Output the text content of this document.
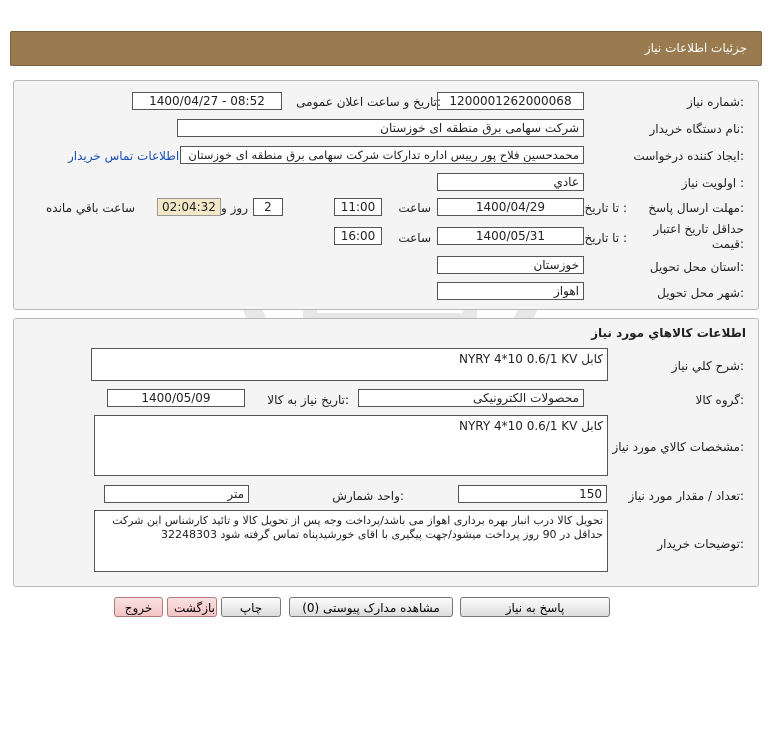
جزئیات اطلاعات نیاز
شماره نیاز:
1200001262000068
تاریخ و ساعت اعلان عمومی:
1400/04/27 - 08:52
نام دستگاه خریدار:
شرکت سهامی برق منطقه ای خوزستان
ایجاد کننده درخواست:
محمدحسین فلاح پور رییس اداره تدارکات شرکت سهامی برق منطقه ای خوزستان
اطلاعات تماس خریدار
اولویت نیاز :
عادي
مهلت ارسال پاسخ:
تا تاریخ :
1400/04/29
ساعت
11:00
2
روز و
02:04:32
ساعت باقي مانده
حداقل تاریخ اعتبار
قیمت:
تا تاریخ :
1400/05/31
ساعت
16:00
استان محل تحویل:
خوزستان
شهر محل تحویل:
اهواز
اطلاعات کالاهاي مورد نياز
شرح کلي نياز:
کابل NYRY 4*10 0.6/1 KV
گروه کالا:
محصولات الکترونیکی
تاریخ نیاز به کالا:
1400/05/09
مشخصات کالاي مورد نياز:
کابل NYRY 4*10 0.6/1 KV
تعداد / مقدار مورد نیاز:
150
واحد شمارش:
متر
توضیحات خریدار:
تحویل کالا درب انبار بهره برداری اهواز می باشد/پرداخت وجه پس از تحویل کالا و تائید کارشناس این شرکت حداقل در 90 روز پرداخت میشود/جهت پیگیری با اقای خورشیدپناه تماس گرفته شود 32248303
پاسخ به نیاز
مشاهده مدارک پیوستی (0)
چاپ
بازگشت
خروج
